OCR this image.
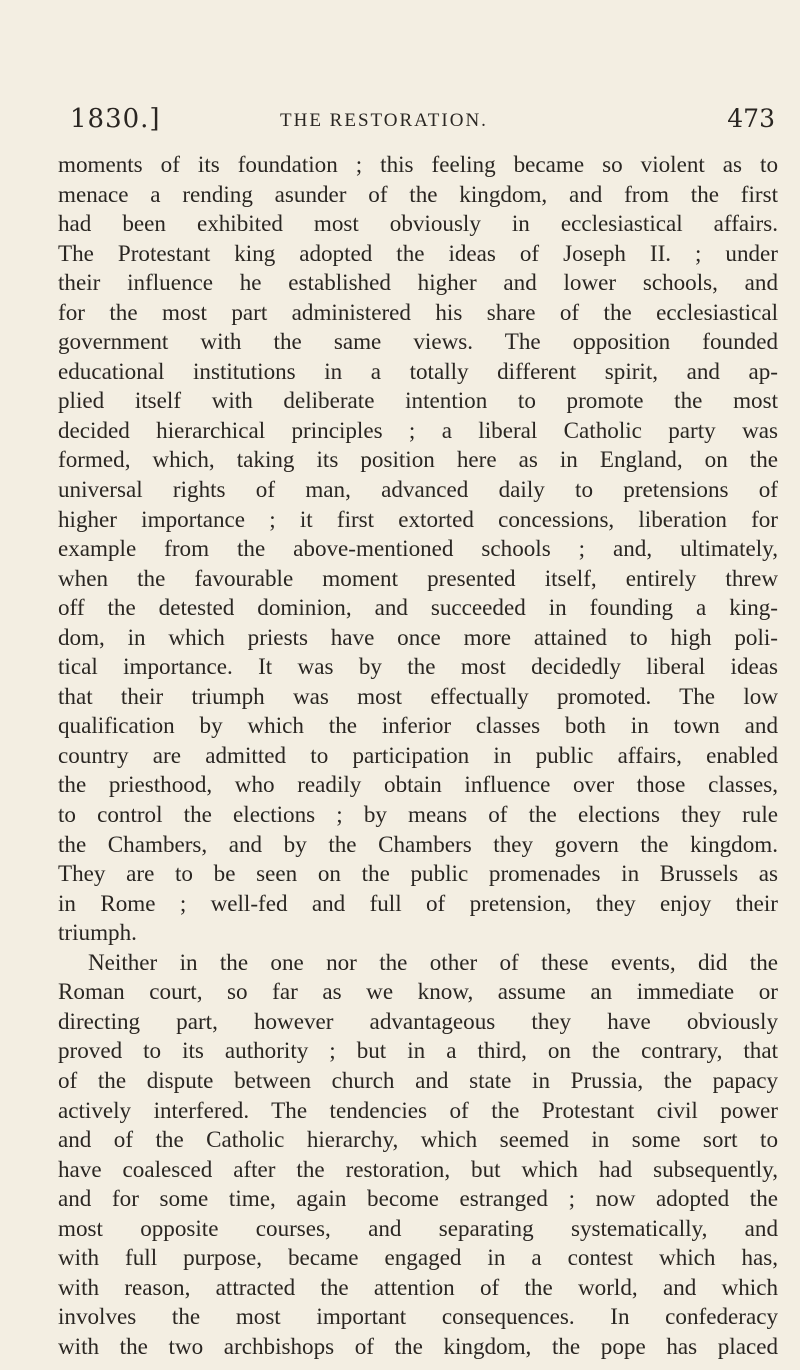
1830.]	THE RESTORATION.	473
moments of its foundation ; this feeling became so violent as to
menace a rending asunder of the kingdom, and from the first
had been exhibited most obviously in ecclesiastical affairs.
The Protestant king adopted the ideas of Joseph II. ; under
their influence he established higher and lower schools, and
for the most part administered his share of the ecclesiastical
government with the same views. The opposition founded
educational institutions in a totally different spirit, and ap-
plied itself with deliberate intention to promote the most
decided hierarchical principles ; a liberal Catholic party was
formed, which, taking its position here as in England, on the
universal rights of man, advanced daily to pretensions of
higher importance ; it first extorted concessions, liberation for
example from the above-mentioned schools ; and, ultimately,
when the favourable moment presented itself, entirely threw
off the detested dominion, and succeeded in founding a king-
dom, in which priests have once more attained to high poli-
tical importance. It was by the most decidedly liberal ideas
that their triumph was most effectually promoted. The low
qualification by which the inferior classes both in town and
country are admitted to participation in public affairs, enabled
the priesthood, who readily obtain influence over those classes,
to control the elections ; by means of the elections they rule
the Chambers, and by the Chambers they govern the kingdom.
They are to be seen on the public promenades in Brussels as
in Rome ; well-fed and full of pretension, they enjoy their
triumph.
Neither in the one nor the other of these events, did the
Roman court, so far as we know, assume an immediate or
directing part, however advantageous they have obviously
proved to its authority ; but in a third, on the contrary, that
of the dispute between church and state in Prussia, the papacy
actively interfered. The tendencies of the Protestant civil power
and of the Catholic hierarchy, which seemed in some sort to
have coalesced after the restoration, but which had subsequently,
and for some time, again become estranged ; now adopted the
most opposite courses, and separating systematically, and
with full purpose, became engaged in a contest which has,
with reason, attracted the attention of the world, and which
involves the most important consequences. In confederacy
with the two archbishops of the kingdom, the pope has placed
